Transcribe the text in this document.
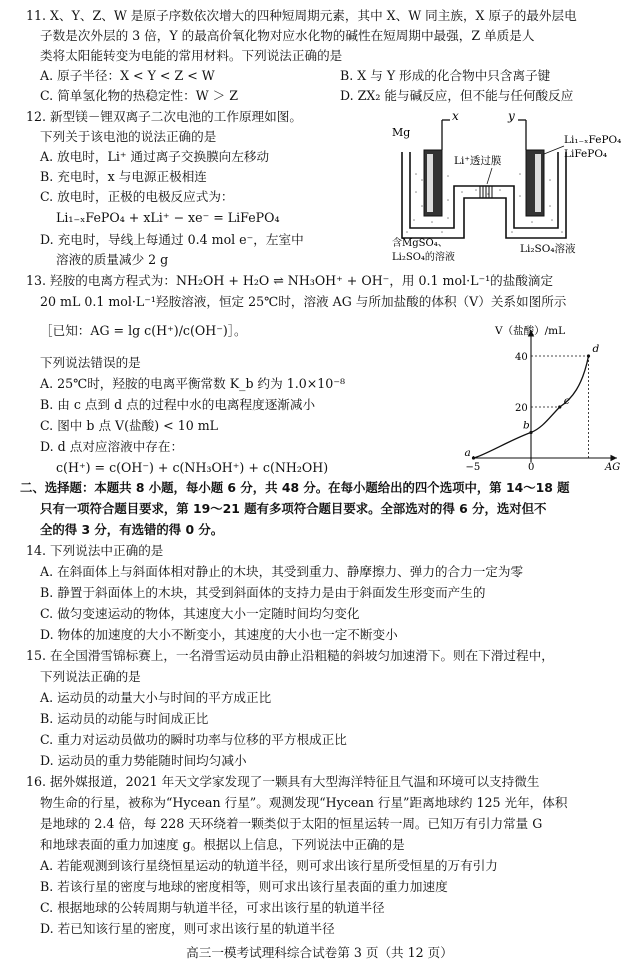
11. X、Y、Z、W 是原子序数依次增大的四种短周期元素，其中 X、W 同主族，X 原子的最外层电
子数是次外层的 3 倍，Y 的最高价氧化物对应水化物的碱性在短周期中最强，Z 单质是人
类将太阳能转变为电能的常用材料。下列说法正确的是
A. 原子半径：X < Y < Z < W	B. X 与 Y 形成的化合物中只含离子键
C. 简单氢化物的热稳定性：W ＞ Z	D. ZX₂ 能与碱反应，但不能与任何酸反应
12. 新型镁－锂双离子二次电池的工作原理如图。
下列关于该电池的说法正确的是
A. 放电时，Li⁺ 通过离子交换膜向左移动
B. 充电时，x 与电源正极相连
C. 放电时，正极的电极反应式为：
Li₁₋ₓFePO₄ + xLi⁺ − xe⁻ = LiFePO₄
D. 充电时，导线上每通过 0.4 mol e⁻，左室中
溶液的质量减少 2 g
x	y
Li⁺透过膜
Mg
Li₁₋ₓFePO₄
LiFePO₄
含MgSO₄、
Li₂SO₄的溶液
Li₂SO₄溶液
13. 羟胺的电离方程式为：NH₂OH + H₂O ⇌ NH₃OH⁺ + OH⁻，用 0.1 mol·L⁻¹的盐酸滴定
20 mL 0.1 mol·L⁻¹羟胺溶液，恒定 25℃时，溶液 AG 与所加盐酸的体积（V）关系如图所示
［已知：AG = lg c(H⁺)/c(OH⁻)］。
下列说法错误的是
A. 25℃时，羟胺的电离平衡常数 K_b 约为 1.0×10⁻⁸
B. 由 c 点到 d 点的过程中水的电离程度逐渐减小
C. 图中 b 点 V(盐酸) < 10 mL
D. d 点对应溶液中存在：
c(H⁺) = c(OH⁻) + c(NH₃OH⁺) + c(NH₂OH)
a
b
c
d
V（盐酸）/mL
AG
−5	0
20
40
二、选择题：本题共 8 小题，每小题 6 分，共 48 分。在每小题给出的四个选项中，第 14～18 题
只有一项符合题目要求，第 19～21 题有多项符合题目要求。全部选对的得 6 分，选对但不
全的得 3 分，有选错的得 0 分。
14. 下列说法中正确的是
A. 在斜面体上与斜面体相对静止的木块，其受到重力、静摩擦力、弹力的合力一定为零
B. 静置于斜面体上的木块，其受到斜面体的支持力是由于斜面发生形变而产生的
C. 做匀变速运动的物体，其速度大小一定随时间均匀变化
D. 物体的加速度的大小不断变小，其速度的大小也一定不断变小
15. 在全国滑雪锦标赛上，一名滑雪运动员由静止沿粗糙的斜坡匀加速滑下。则在下滑过程中，
下列说法正确的是
A. 运动员的动量大小与时间的平方成正比
B. 运动员的动能与时间成正比
C. 重力对运动员做功的瞬时功率与位移的平方根成正比
D. 运动员的重力势能随时间均匀减小
16. 据外媒报道，2021 年天文学家发现了一颗具有大型海洋特征且气温和环境可以支持微生
物生命的行星，被称为“Hycean 行星”。观测发现“Hycean 行星”距离地球约 125 光年，体积
是地球的 2.4 倍，每 228 天环绕着一颗类似于太阳的恒星运转一周。已知万有引力常量 G
和地球表面的重力加速度 g。根据以上信息，下列说法中正确的是
A. 若能观测到该行星绕恒星运动的轨道半径，则可求出该行星所受恒星的万有引力
B. 若该行星的密度与地球的密度相等，则可求出该行星表面的重力加速度
C. 根据地球的公转周期与轨道半径，可求出该行星的轨道半径
D. 若已知该行星的密度，则可求出该行星的轨道半径
高三一模考试理科综合试卷第 3 页（共 12 页）
